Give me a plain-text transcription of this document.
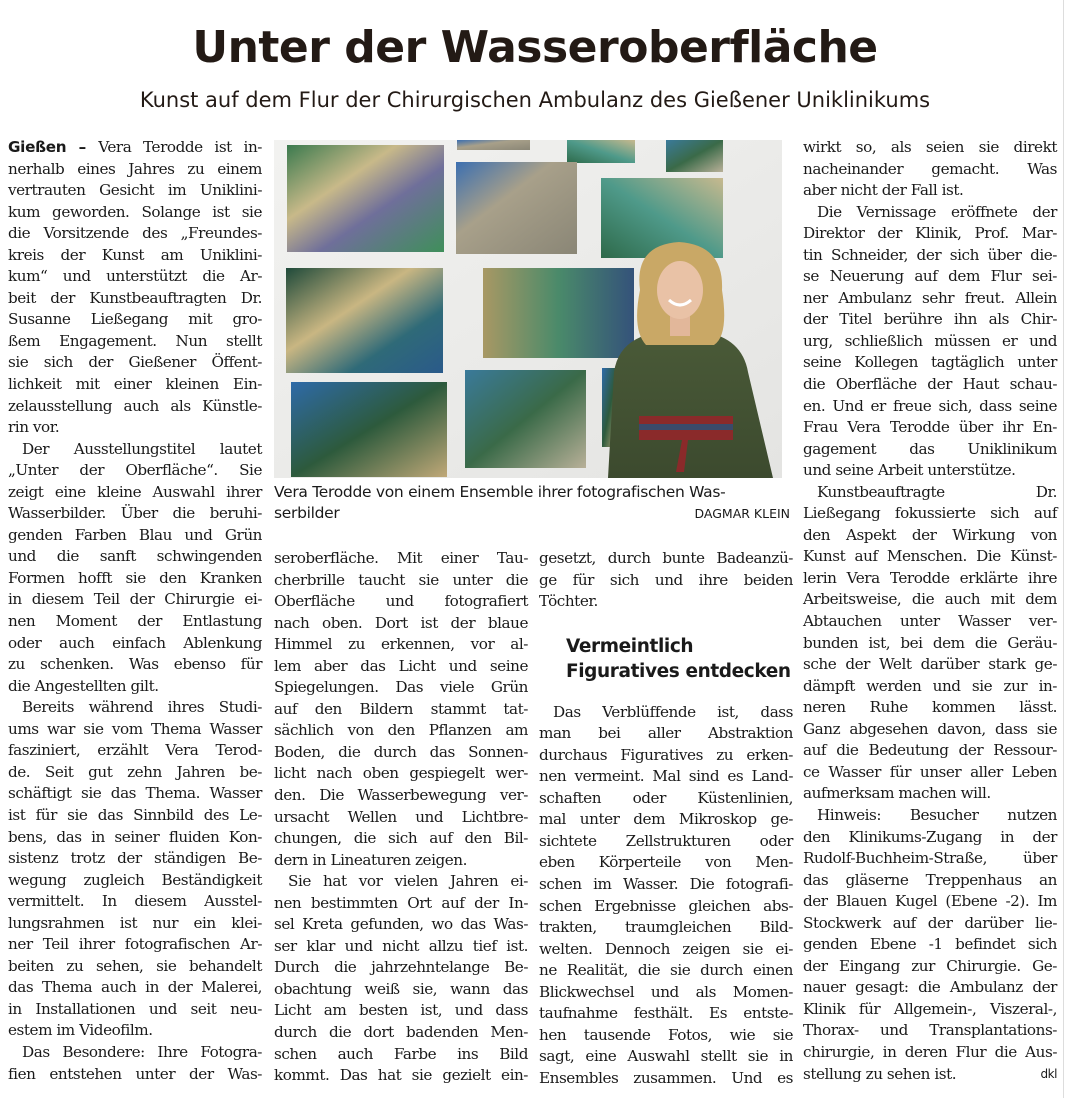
Unter der Wasseroberfläche
Kunst auf dem Flur der Chirurgischen Ambulanz des Gießener Uniklinikums
Gießen – Vera Terodde ist in-
nerhalb eines Jahres zu einem
vertrauten Gesicht im Uniklini-
kum geworden. Solange ist sie
die Vorsitzende des „Freundes-
kreis der Kunst am Uniklini-
kum“ und unterstützt die Ar-
beit der Kunstbeauftragten Dr.
Susanne Ließegang mit gro-
ßem Engagement. Nun stellt
sie sich der Gießener Öffent-
lichkeit mit einer kleinen Ein-
zelausstellung auch als Künstle-
rin vor.
Der Ausstellungstitel lautet
„Unter der Oberfläche“. Sie
zeigt eine kleine Auswahl ihrer
Wasserbilder. Über die beruhi-
genden Farben Blau und Grün
und die sanft schwingenden
Formen hofft sie den Kranken
in diesem Teil der Chirurgie ei-
nen Moment der Entlastung
oder auch einfach Ablenkung
zu schenken. Was ebenso für
die Angestellten gilt.
Bereits während ihres Studi-
ums war sie vom Thema Wasser
fasziniert, erzählt Vera Terod-
de. Seit gut zehn Jahren be-
schäftigt sie das Thema. Wasser
ist für sie das Sinnbild des Le-
bens, das in seiner fluiden Kon-
sistenz trotz der ständigen Be-
wegung zugleich Beständigkeit
vermittelt. In diesem Ausstel-
lungsrahmen ist nur ein klei-
ner Teil ihrer fotografischen Ar-
beiten zu sehen, sie behandelt
das Thema auch in der Malerei,
in Installationen und seit neu-
estem im Videofilm.
Das Besondere: Ihre Fotogra-
fien entstehen unter der Was-
seroberfläche. Mit einer Tau-
cherbrille taucht sie unter die
Oberfläche und fotografiert
nach oben. Dort ist der blaue
Himmel zu erkennen, vor al-
lem aber das Licht und seine
Spiegelungen. Das viele Grün
auf den Bildern stammt tat-
sächlich von den Pflanzen am
Boden, die durch das Sonnen-
licht nach oben gespiegelt wer-
den. Die Wasserbewegung ver-
ursacht Wellen und Lichtbre-
chungen, die sich auf den Bil-
dern in Lineaturen zeigen.
Sie hat vor vielen Jahren ei-
nen bestimmten Ort auf der In-
sel Kreta gefunden, wo das Was-
ser klar und nicht allzu tief ist.
Durch die jahrzehntelange Be-
obachtung weiß sie, wann das
Licht am besten ist, und dass
durch die dort badenden Men-
schen auch Farbe ins Bild
kommt. Das hat sie gezielt ein-
gesetzt, durch bunte Badeanzü-
ge für sich und ihre beiden
Töchter.
Vermeintlich
Figuratives entdecken
Das Verblüffende ist, dass
man bei aller Abstraktion
durchaus Figuratives zu erken-
nen vermeint. Mal sind es Land-
schaften oder Küstenlinien,
mal unter dem Mikroskop ge-
sichtete Zellstrukturen oder
eben Körperteile von Men-
schen im Wasser. Die fotografi-
schen Ergebnisse gleichen abs-
trakten, traumgleichen Bild-
welten. Dennoch zeigen sie ei-
ne Realität, die sie durch einen
Blickwechsel und als Momen-
taufnahme festhält. Es entste-
hen tausende Fotos, wie sie
sagt, eine Auswahl stellt sie in
Ensembles zusammen. Und es
wirkt so, als seien sie direkt
nacheinander gemacht. Was
aber nicht der Fall ist.
Die Vernissage eröffnete der
Direktor der Klinik, Prof. Mar-
tin Schneider, der sich über die-
se Neuerung auf dem Flur sei-
ner Ambulanz sehr freut. Allein
der Titel berühre ihn als Chir-
urg, schließlich müssen er und
seine Kollegen tagtäglich unter
die Oberfläche der Haut schau-
en. Und er freue sich, dass seine
Frau Vera Terodde über ihr En-
gagement das Uniklinikum
und seine Arbeit unterstütze.
Kunstbeauftragte Dr.
Ließegang fokussierte sich auf
den Aspekt der Wirkung von
Kunst auf Menschen. Die Künst-
lerin Vera Terodde erklärte ihre
Arbeitsweise, die auch mit dem
Abtauchen unter Wasser ver-
bunden ist, bei dem die Geräu-
sche der Welt darüber stark ge-
dämpft werden und sie zur in-
neren Ruhe kommen lässt.
Ganz abgesehen davon, dass sie
auf die Bedeutung der Ressour-
ce Wasser für unser aller Leben
aufmerksam machen will.
Hinweis: Besucher nutzen
den Klinikums-Zugang in der
Rudolf-Buchheim-Straße, über
das gläserne Treppenhaus an
der Blauen Kugel (Ebene -2). Im
Stockwerk auf der darüber lie-
genden Ebene -1 befindet sich
der Eingang zur Chirurgie. Ge-
nauer gesagt: die Ambulanz der
Klinik für Allgemein-, Viszeral-,
Thorax- und Transplantations-
chirurgie, in deren Flur die Aus-
stellung zu sehen ist.	dkl
Vera Terodde von einem Ensemble ihrer fotografischen Was-
serbilder	DAGMAR KLEIN
